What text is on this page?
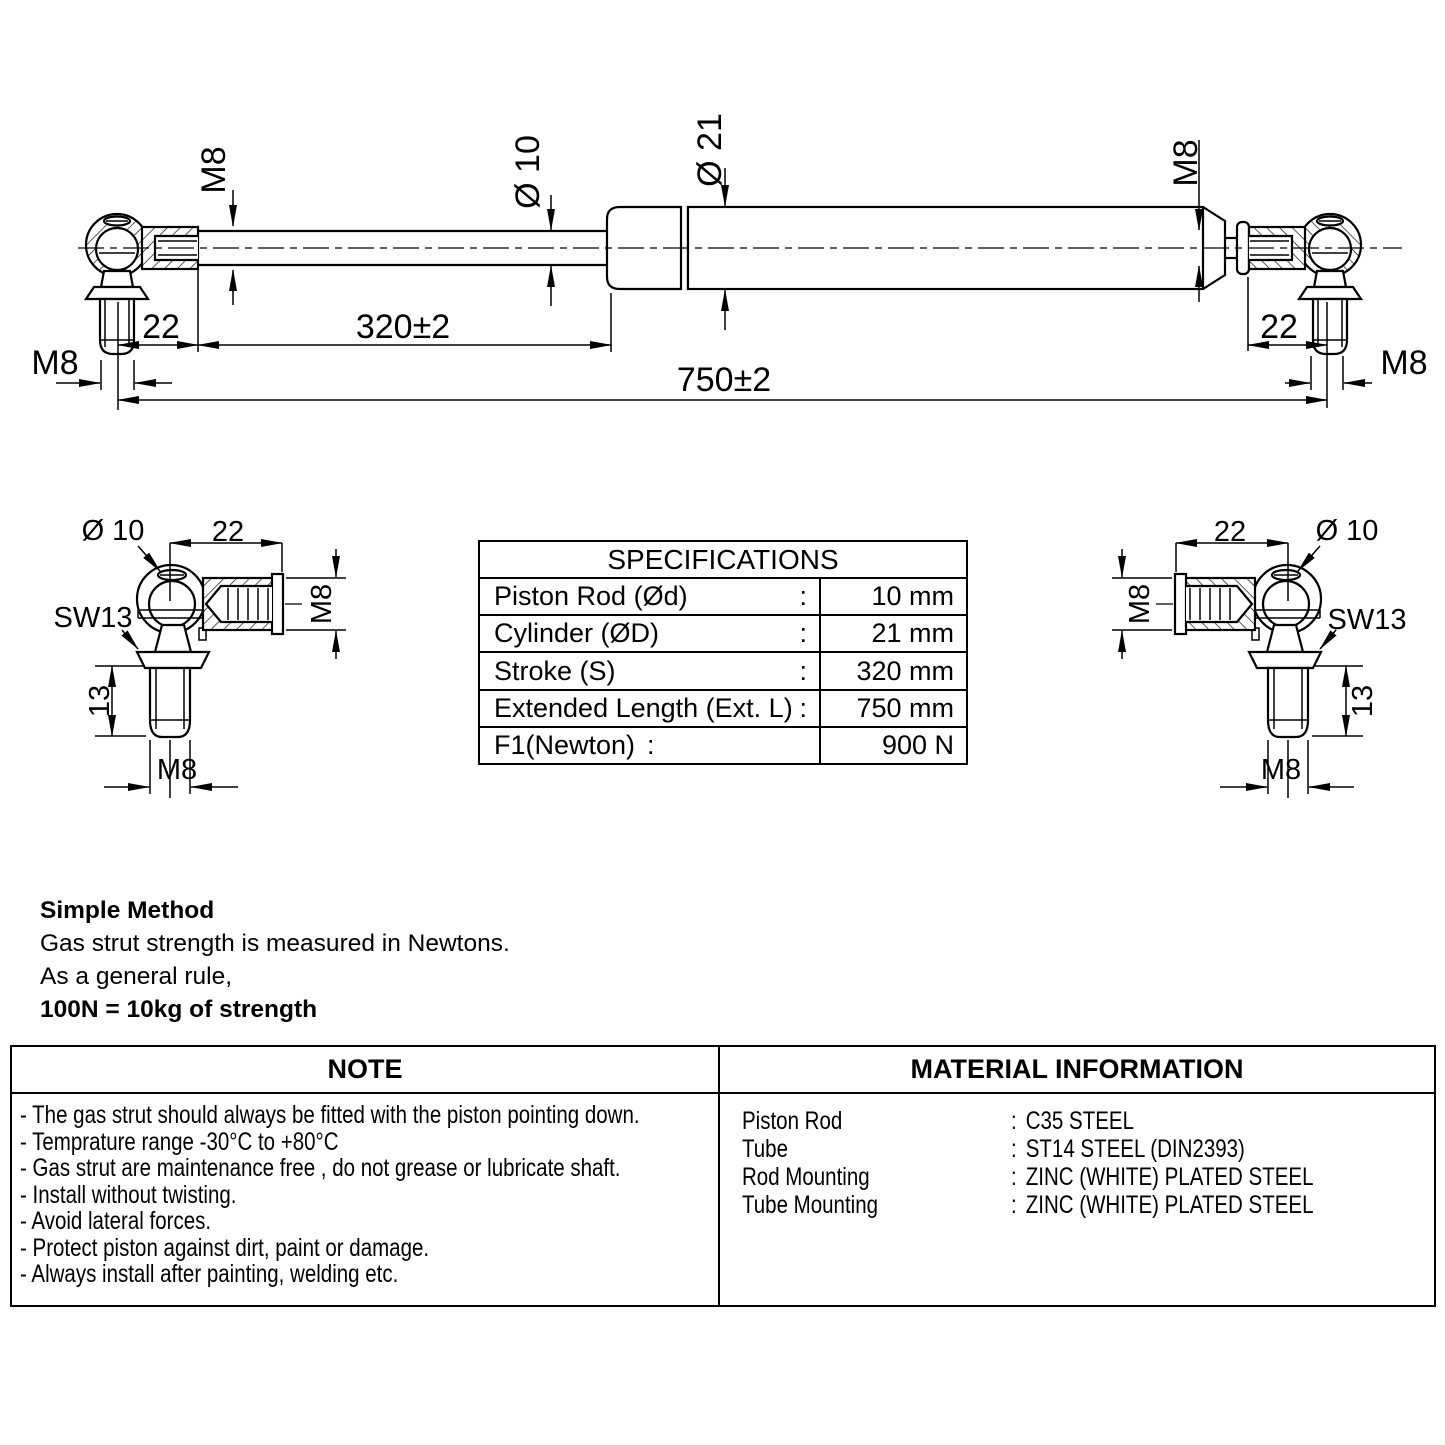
M8	Ø 10	Ø 21	M8
22	320±2	22
750±2
M8	M8
Ø 10 22
M8
SW13
13
M8
22 Ø 10
M8	SW13
13
M8
SPECIFICATIONS
Piston Rod (Ød)	:	10 mm
Cylinder (ØD)	:	21 mm
Stroke (S)	:	320 mm
Extended Length (Ext. L) :	750 mm
F1(Newton) :	900 N
Simple Method
Gas strut strength is measured in Newtons.
As a general rule,
100N = 10kg of strength
NOTE	MATERIAL INFORMATION
- The gas strut should always be fitted with the piston pointing down.
- Temprature range -30°C to +80°C
- Gas strut are maintenance free , do not grease or lubricate shaft.
- Install without twisting.
- Avoid lateral forces.
- Protect piston against dirt, paint or damage.
- Always install after painting, welding etc.
Piston Rod	: C35 STEEL
Tube	: ST14 STEEL (DIN2393)
Rod Mounting	: ZINC (WHITE) PLATED STEEL
Tube Mounting	: ZINC (WHITE) PLATED STEEL
